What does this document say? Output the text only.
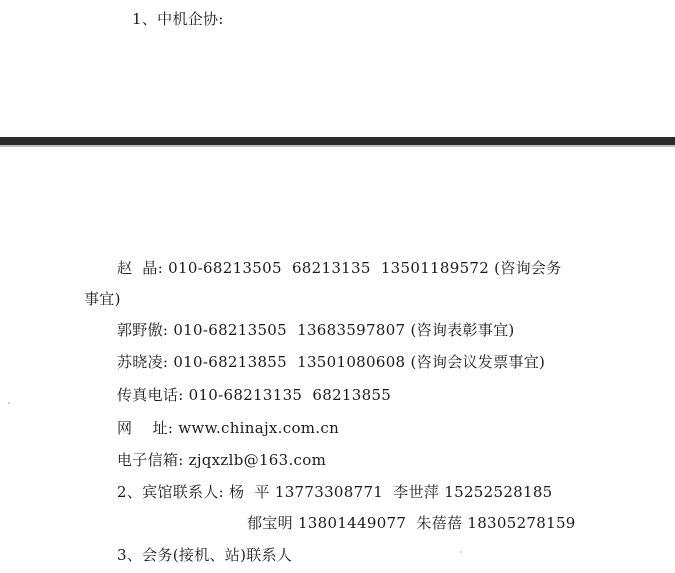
1、中机企协:
赵  晶: 010-68213505  68213135  13501189572 (咨询会务
事宜)
郭野傲: 010-68213505  13683597807 (咨询表彰事宜)
苏晓凌: 010-68213855  13501080608 (咨询会议发票事宜)
传真电话: 010-68213135  68213855
网    址: www.chinajx.com.cn
电子信箱: zjqxzlb@163.com
2、宾馆联系人: 杨  平 13773308771  李世萍 15252528185
郁宝明 13801449077  朱蓓蓓 18305278159
3、会务(接机、站)联系人
